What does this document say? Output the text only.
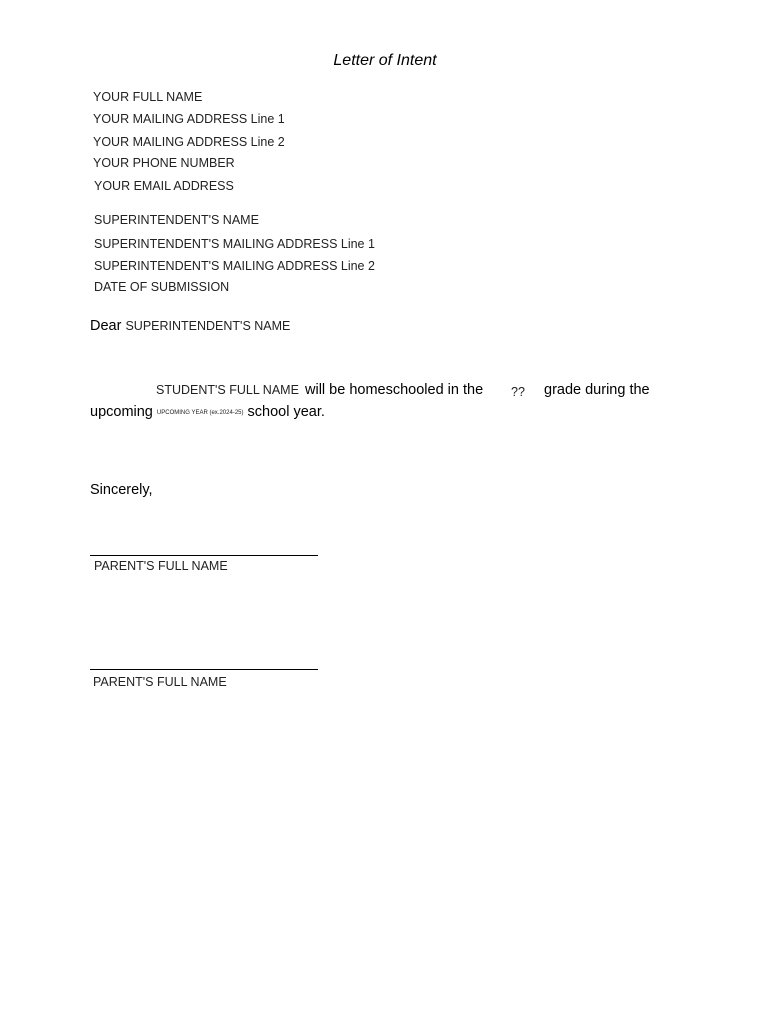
Letter of Intent
YOUR FULL NAME
YOUR MAILING ADDRESS Line 1
YOUR MAILING ADDRESS Line 2
YOUR PHONE NUMBER
YOUR EMAIL ADDRESS
SUPERINTENDENT'S NAME
SUPERINTENDENT'S MAILING ADDRESS Line 1
SUPERINTENDENT'S MAILING ADDRESS Line 2
DATE OF SUBMISSION
Dear SUPERINTENDENT'S NAME
STUDENT'S FULL NAME will be homeschooled in the ?? grade during the
upcoming UPCOMING YEAR (ex.2024-25) school year.
Sincerely,
PARENT'S FULL NAME
PARENT'S FULL NAME
